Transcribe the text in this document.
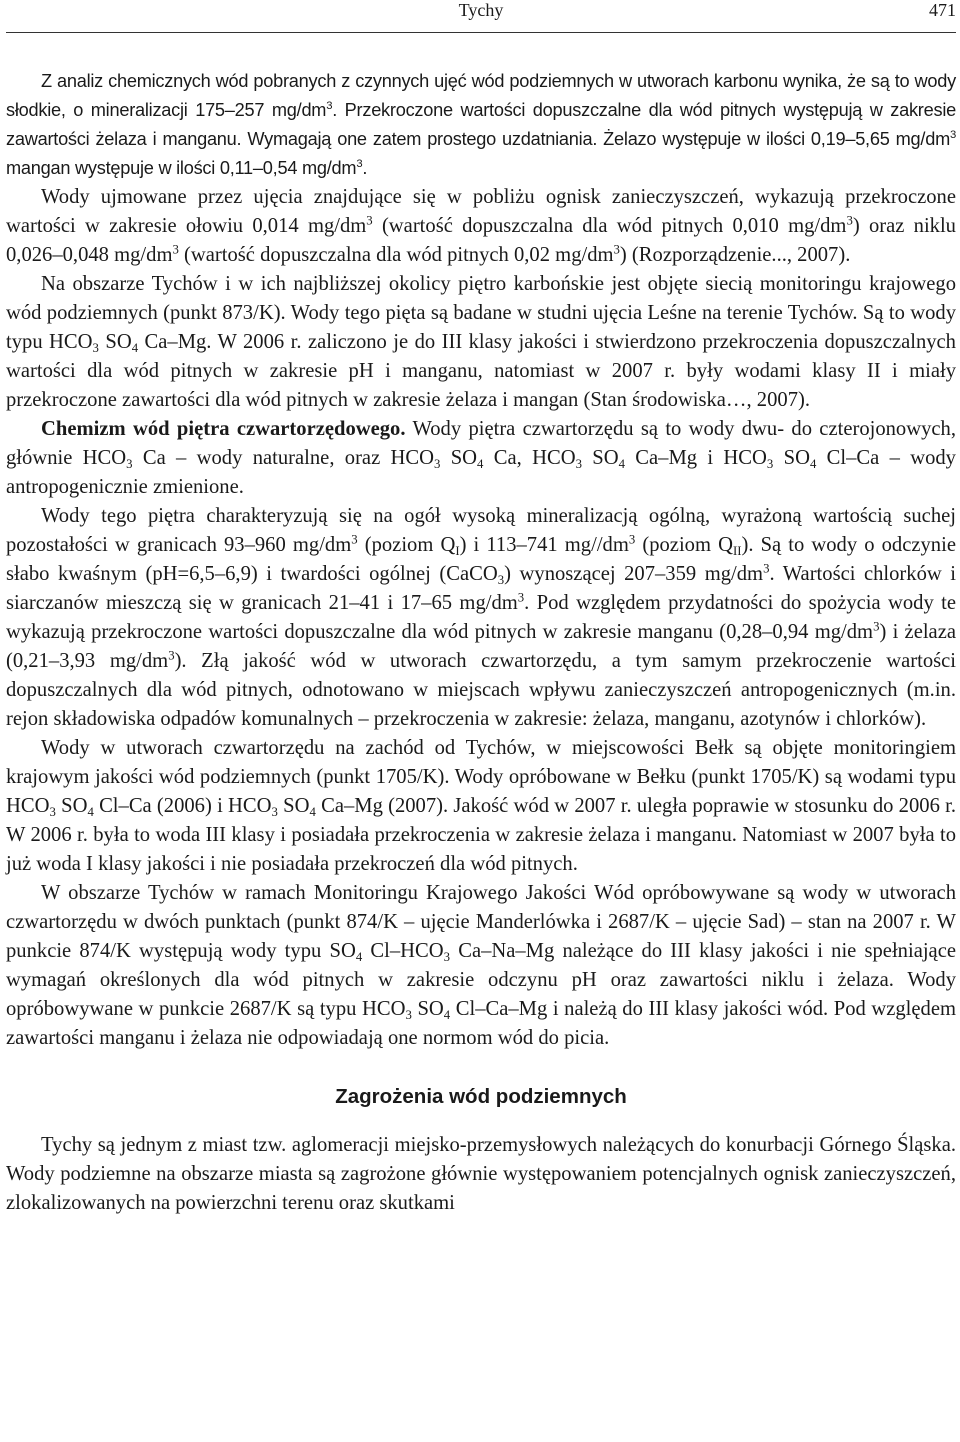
Tychy	471

Z analiz chemicznych wód pobranych z czynnych ujęć wód podziemnych w utworach karbonu wynika, że są to wody słodkie, o mineralizacji 175–257 $mg/dm^3$. Przekroczone wartości dopuszczalne dla wód pitnych występują w zakresie zawartości żelaza i manganu. Wymagają one zatem prostego uzdatniania. Żelazo występuje w ilości 0,19–5,65 $mg/dm^3$ mangan występuje w ilości 0,11–0,54 $mg/dm^3$.

Wody ujmowane przez ujęcia znajdujące się w pobliżu ognisk zanieczyszczeń, wykazują przekroczone wartości w zakresie ołowiu 0,014 $mg/dm^3$ (wartość dopuszczalna dla wód pitnych 0,010 $mg/dm^3$) oraz niklu 0,026–0,048 $mg/dm^3$ (wartość dopuszczalna dla wód pitnych 0,02 $mg/dm^3$) (Rozporządzenie..., 2007).

Na obszarze Tychów i w ich najbliższej okolicy piętro karbońskie jest objęte siecią monitoringu krajowego wód podziemnych (punkt 873/K). Wody tego pięta są badane w studni ujęcia Leśne na terenie Tychów. Są to wody typu $HCO_3$ $SO_4$ Ca–Mg. W 2006 r. zaliczono je do III klasy jakości i stwierdzono przekroczenia dopuszczalnych wartości dla wód pitnych w zakresie pH i manganu, natomiast w 2007 r. były wodami klasy II i miały przekroczone zawartości dla wód pitnych w zakresie żelaza i mangan (Stan środowiska…, 2007).

Chemizm wód piętra czwartorzędowego. Wody piętra czwartorzędu są to wody dwu- do czterojonowych, głównie $HCO_3$ Ca – wody naturalne, oraz $HCO_3$ $SO_4$ Ca, $HCO_3$ $SO_4$ Ca–Mg i $HCO_3$ $SO_4$ Cl–Ca – wody antropogenicznie zmienione.

Wody tego piętra charakteryzują się na ogół wysoką mineralizacją ogólną, wyrażoną wartością suchej pozostałości w granicach 93–960 $mg/dm^3$ (poziom $Q_I$) i 113–741 $mg//dm^3$ (poziom $Q_{II}$). Są to wody o odczynie słabo kwaśnym (pH=6,5–6,9) i twardości ogólnej (CaCO$_3$) wynoszącej 207–359 $mg/dm^3$. Wartości chlorków i siarczanów mieszczą się w granicach 21–41 i 17–65 $mg/dm^3$. Pod względem przydatności do spożycia wody te wykazują przekroczone wartości dopuszczalne dla wód pitnych w zakresie manganu (0,28–0,94 $mg/dm^3$) i żelaza (0,21–3,93 $mg/dm^3$). Złą jakość wód w utworach czwartorzędu, a tym samym przekroczenie wartości dopuszczalnych dla wód pitnych, odnotowano w miejscach wpływu zanieczyszczeń antropogenicznych (m.in. rejon składowiska odpadów komunalnych – przekroczenia w zakresie: żelaza, manganu, azotynów i chlorków).

Wody w utworach czwartorzędu na zachód od Tychów, w miejscowości Bełk są objęte monitoringiem krajowym jakości wód podziemnych (punkt 1705/K). Wody opróbowane w Bełku (punkt 1705/K) są wodami typu $HCO_3$ $SO_4$ Cl–Ca (2006) i $HCO_3$ $SO_4$ Ca–Mg (2007). Jakość wód w 2007 r. uległa poprawie w stosunku do 2006 r. W 2006 r. była to woda III klasy i posiadała przekroczenia w zakresie żelaza i manganu. Natomiast w 2007 była to już woda I klasy jakości i nie posiadała przekroczeń dla wód pitnych.

W obszarze Tychów w ramach Monitoringu Krajowego Jakości Wód opróbowywane są wody w utworach czwartorzędu w dwóch punktach (punkt 874/K – ujęcie Manderlówka i 2687/K – ujęcie Sad) – stan na 2007 r. W punkcie 874/K występują wody typu $SO_4$ $Cl-HCO_3$ Ca–Na–Mg należące do III klasy jakości i nie spełniające wymagań określonych dla wód pitnych w zakresie odczynu pH oraz zawartości niklu i żelaza. Wody opróbowywane w punkcie 2687/K są typu $HCO_3$ $SO_4$ Cl–Ca–Mg i należą do III klasy jakości wód. Pod względem zawartości manganu i żelaza nie odpowiadają one normom wód do picia.

Zagrożenia wód podziemnych

Tychy są jednym z miast tzw. aglomeracji miejsko-przemysłowych należących do konurbacji Górnego Śląska. Wody podziemne na obszarze miasta są zagrożone głównie występowaniem potencjalnych ognisk zanieczyszczeń, zlokalizowanych na powierzchni terenu oraz skutkami
